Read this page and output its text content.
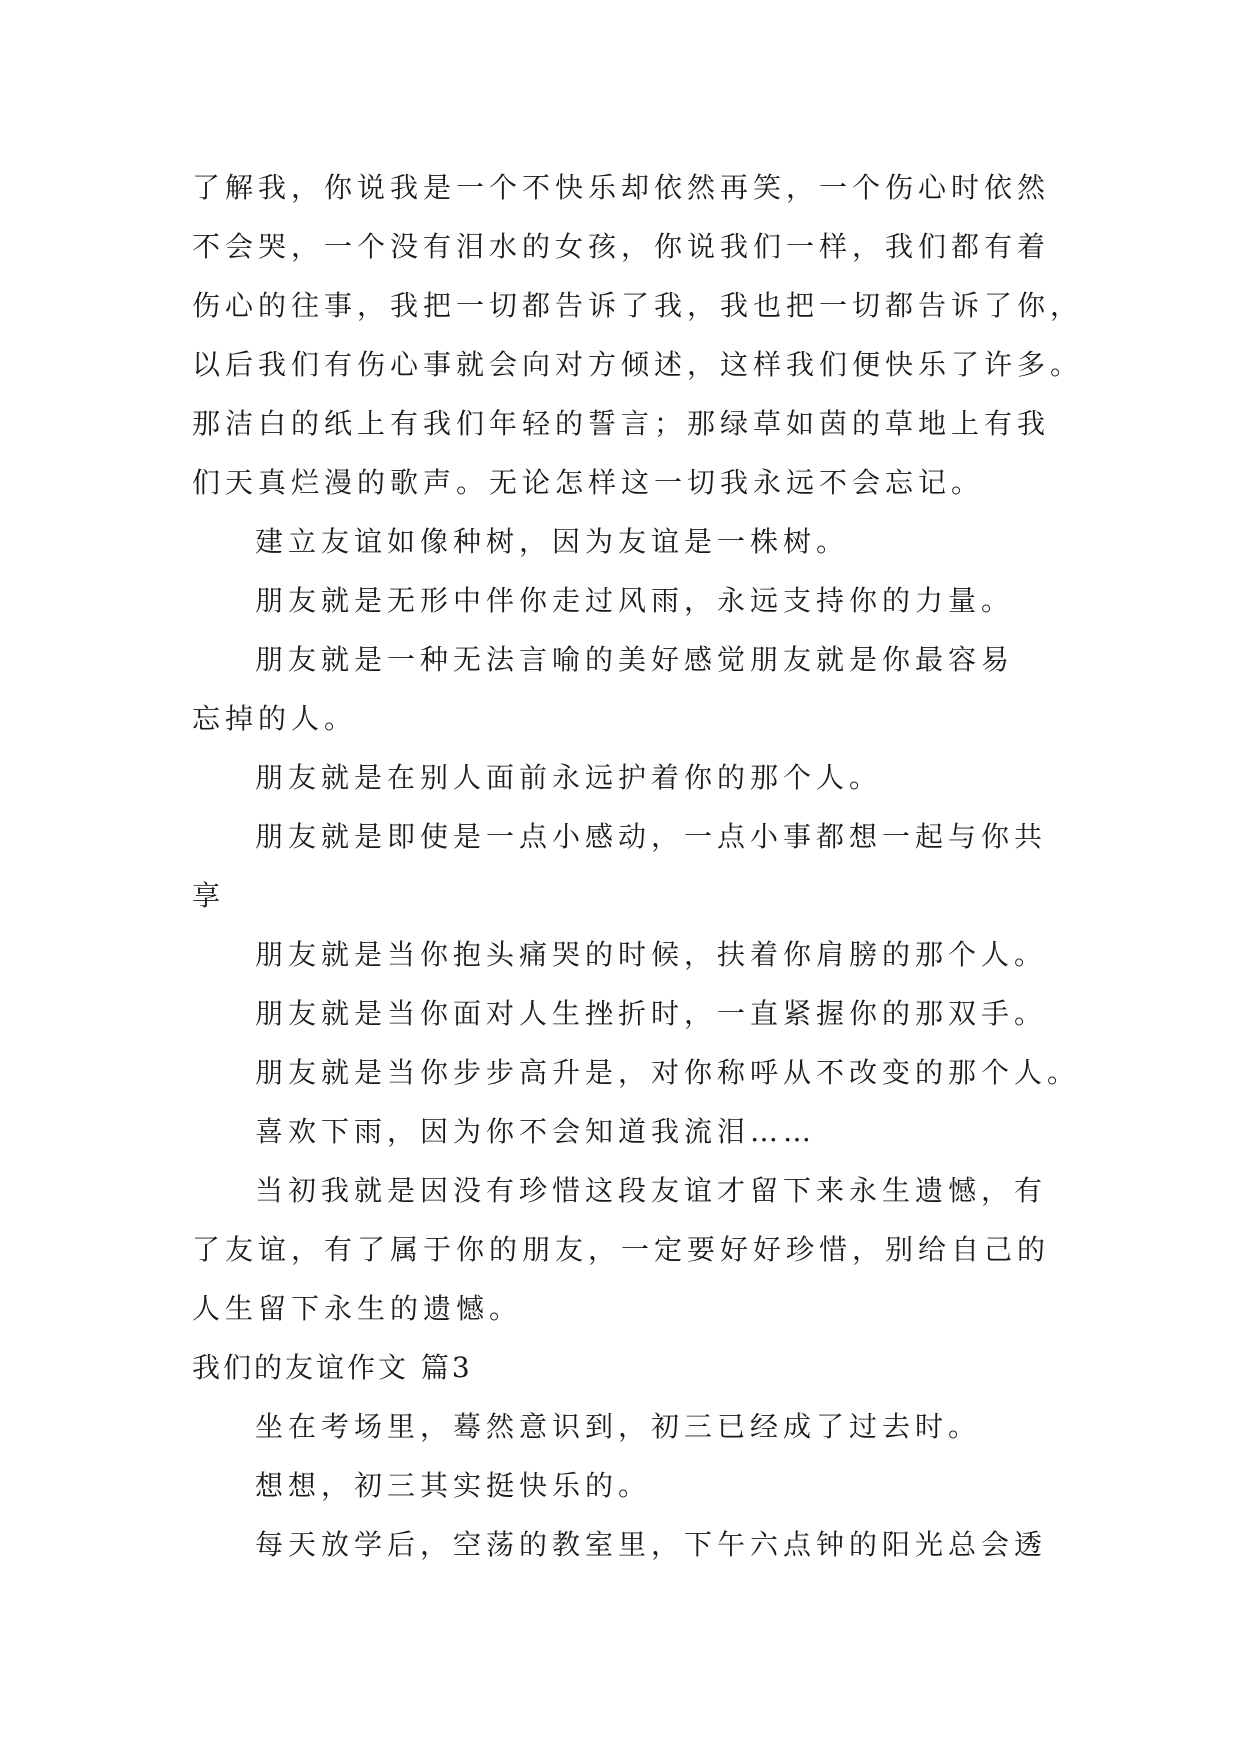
了解我，你说我是一个不快乐却依然再笑，一个伤心时依然
不会哭，一个没有泪水的女孩，你说我们一样，我们都有着
伤心的往事，我把一切都告诉了我，我也把一切都告诉了你，
以后我们有伤心事就会向对方倾述，这样我们便快乐了许多。
那洁白的纸上有我们年轻的誓言；那绿草如茵的草地上有我
们天真烂漫的歌声。无论怎样这一切我永远不会忘记。
建立友谊如像种树，因为友谊是一株树。
朋友就是无形中伴你走过风雨，永远支持你的力量。
朋友就是一种无法言喻的美好感觉朋友就是你最容易
忘掉的人。
朋友就是在别人面前永远护着你的那个人。
朋友就是即使是一点小感动，一点小事都想一起与你共
享
朋友就是当你抱头痛哭的时候，扶着你肩膀的那个人。
朋友就是当你面对人生挫折时，一直紧握你的那双手。
朋友就是当你步步高升是，对你称呼从不改变的那个人。
喜欢下雨，因为你不会知道我流泪……
当初我就是因没有珍惜这段友谊才留下来永生遗憾，有
了友谊，有了属于你的朋友，一定要好好珍惜，别给自己的
人生留下永生的遗憾。
我们的友谊作文 篇3
坐在考场里，蓦然意识到，初三已经成了过去时。
想想，初三其实挺快乐的。
每天放学后，空荡的教室里，下午六点钟的阳光总会透
